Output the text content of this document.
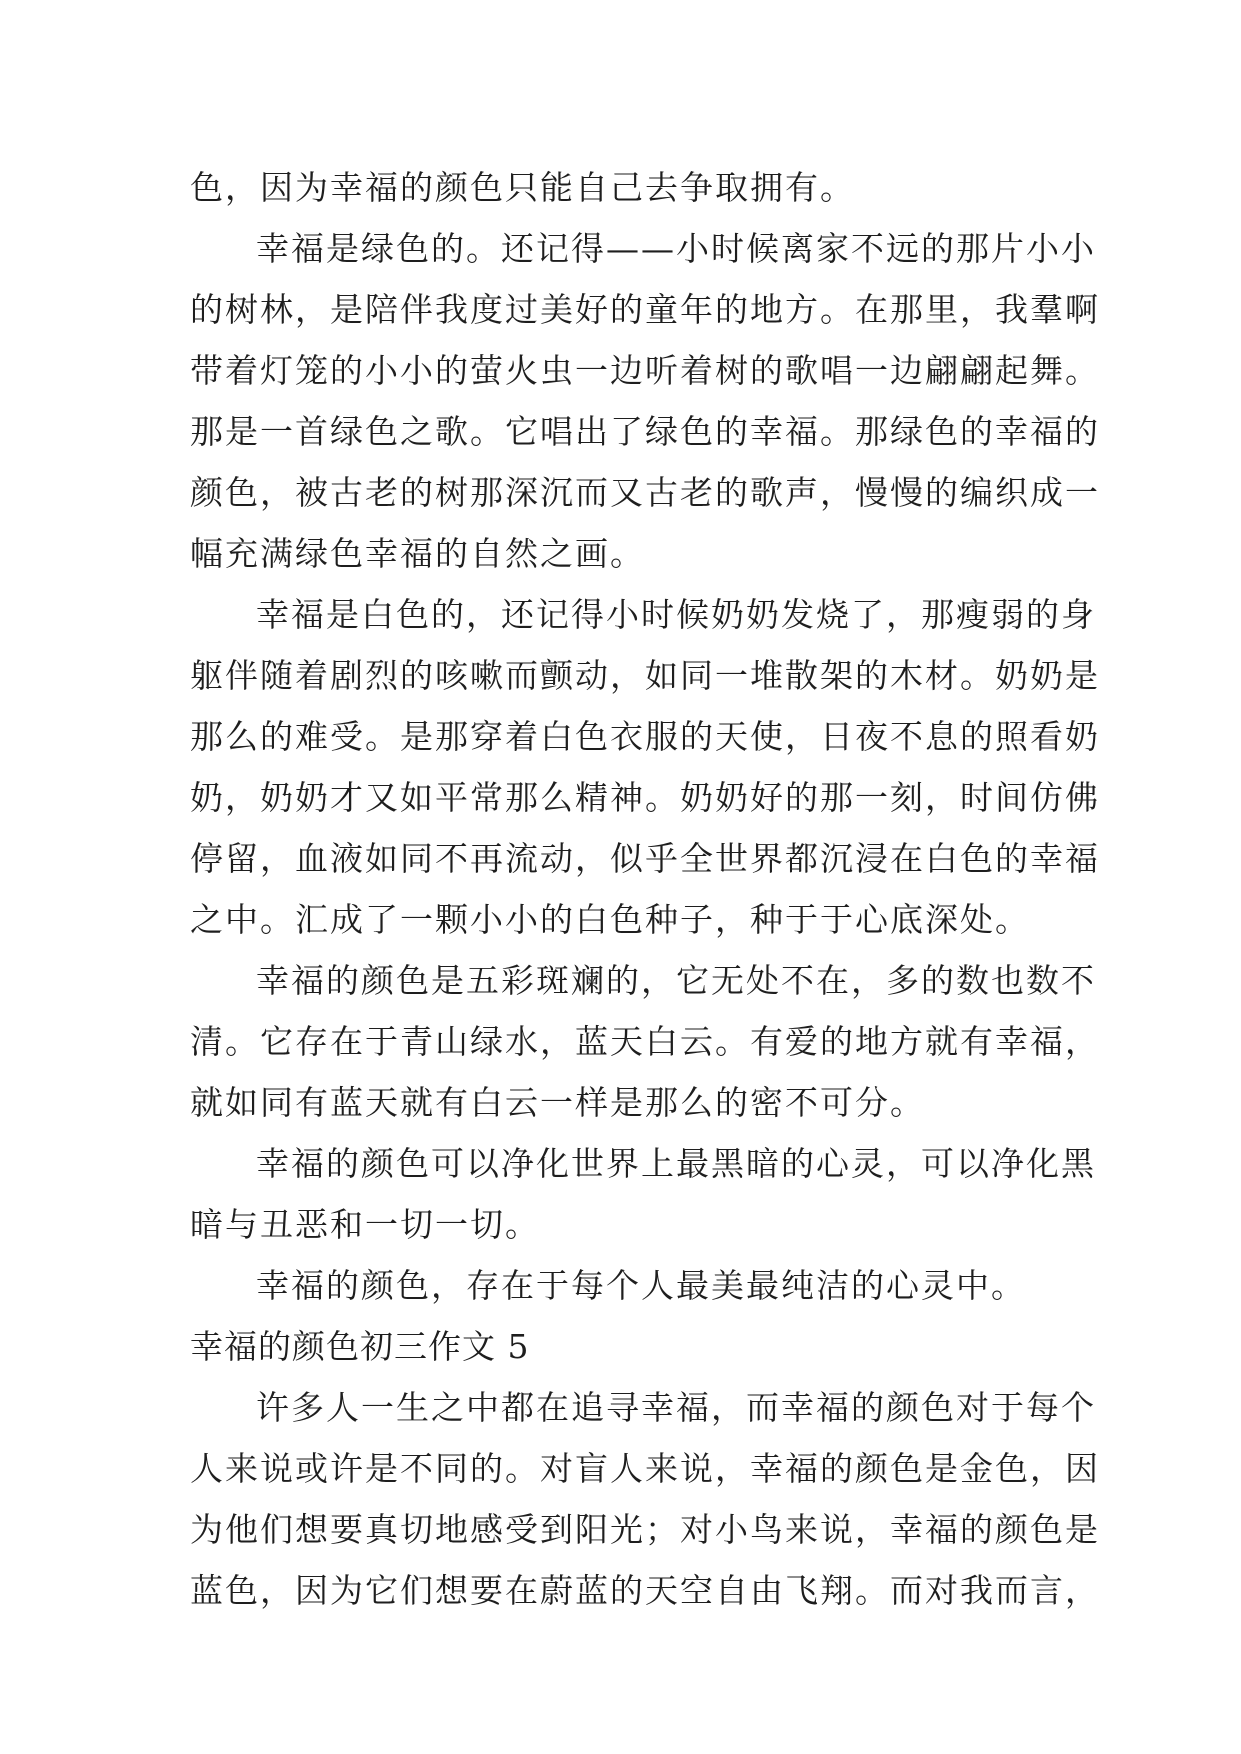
色，因为幸福的颜色只能自己去争取拥有。
幸福是绿色的。还记得——小时候离家不远的那片小小
的树林，是陪伴我度过美好的童年的地方。在那里，我羣啊
带着灯笼的小小的萤火虫一边听着树的歌唱一边翩翩起舞。
那是一首绿色之歌。它唱出了绿色的幸福。那绿色的幸福的
颜色，被古老的树那深沉而又古老的歌声，慢慢的编织成一
幅充满绿色幸福的自然之画。
幸福是白色的，还记得小时候奶奶发烧了，那瘦弱的身
躯伴随着剧烈的咳嗽而颤动，如同一堆散架的木材。奶奶是
那么的难受。是那穿着白色衣服的天使，日夜不息的照看奶
奶，奶奶才又如平常那么精神。奶奶好的那一刻，时间仿佛
停留，血液如同不再流动，似乎全世界都沉浸在白色的幸福
之中。汇成了一颗小小的白色种子，种于于心底深处。
幸福的颜色是五彩斑斓的，它无处不在，多的数也数不
清。它存在于青山绿水，蓝天白云。有爱的地方就有幸福，
就如同有蓝天就有白云一样是那么的密不可分。
幸福的颜色可以净化世界上最黑暗的心灵，可以净化黑
暗与丑恶和一切一切。
幸福的颜色，存在于每个人最美最纯洁的心灵中。
幸福的颜色初三作文 5
许多人一生之中都在追寻幸福，而幸福的颜色对于每个
人来说或许是不同的。对盲人来说，幸福的颜色是金色，因
为他们想要真切地感受到阳光；对小鸟来说，幸福的颜色是
蓝色，因为它们想要在蔚蓝的天空自由飞翔。而对我而言，
